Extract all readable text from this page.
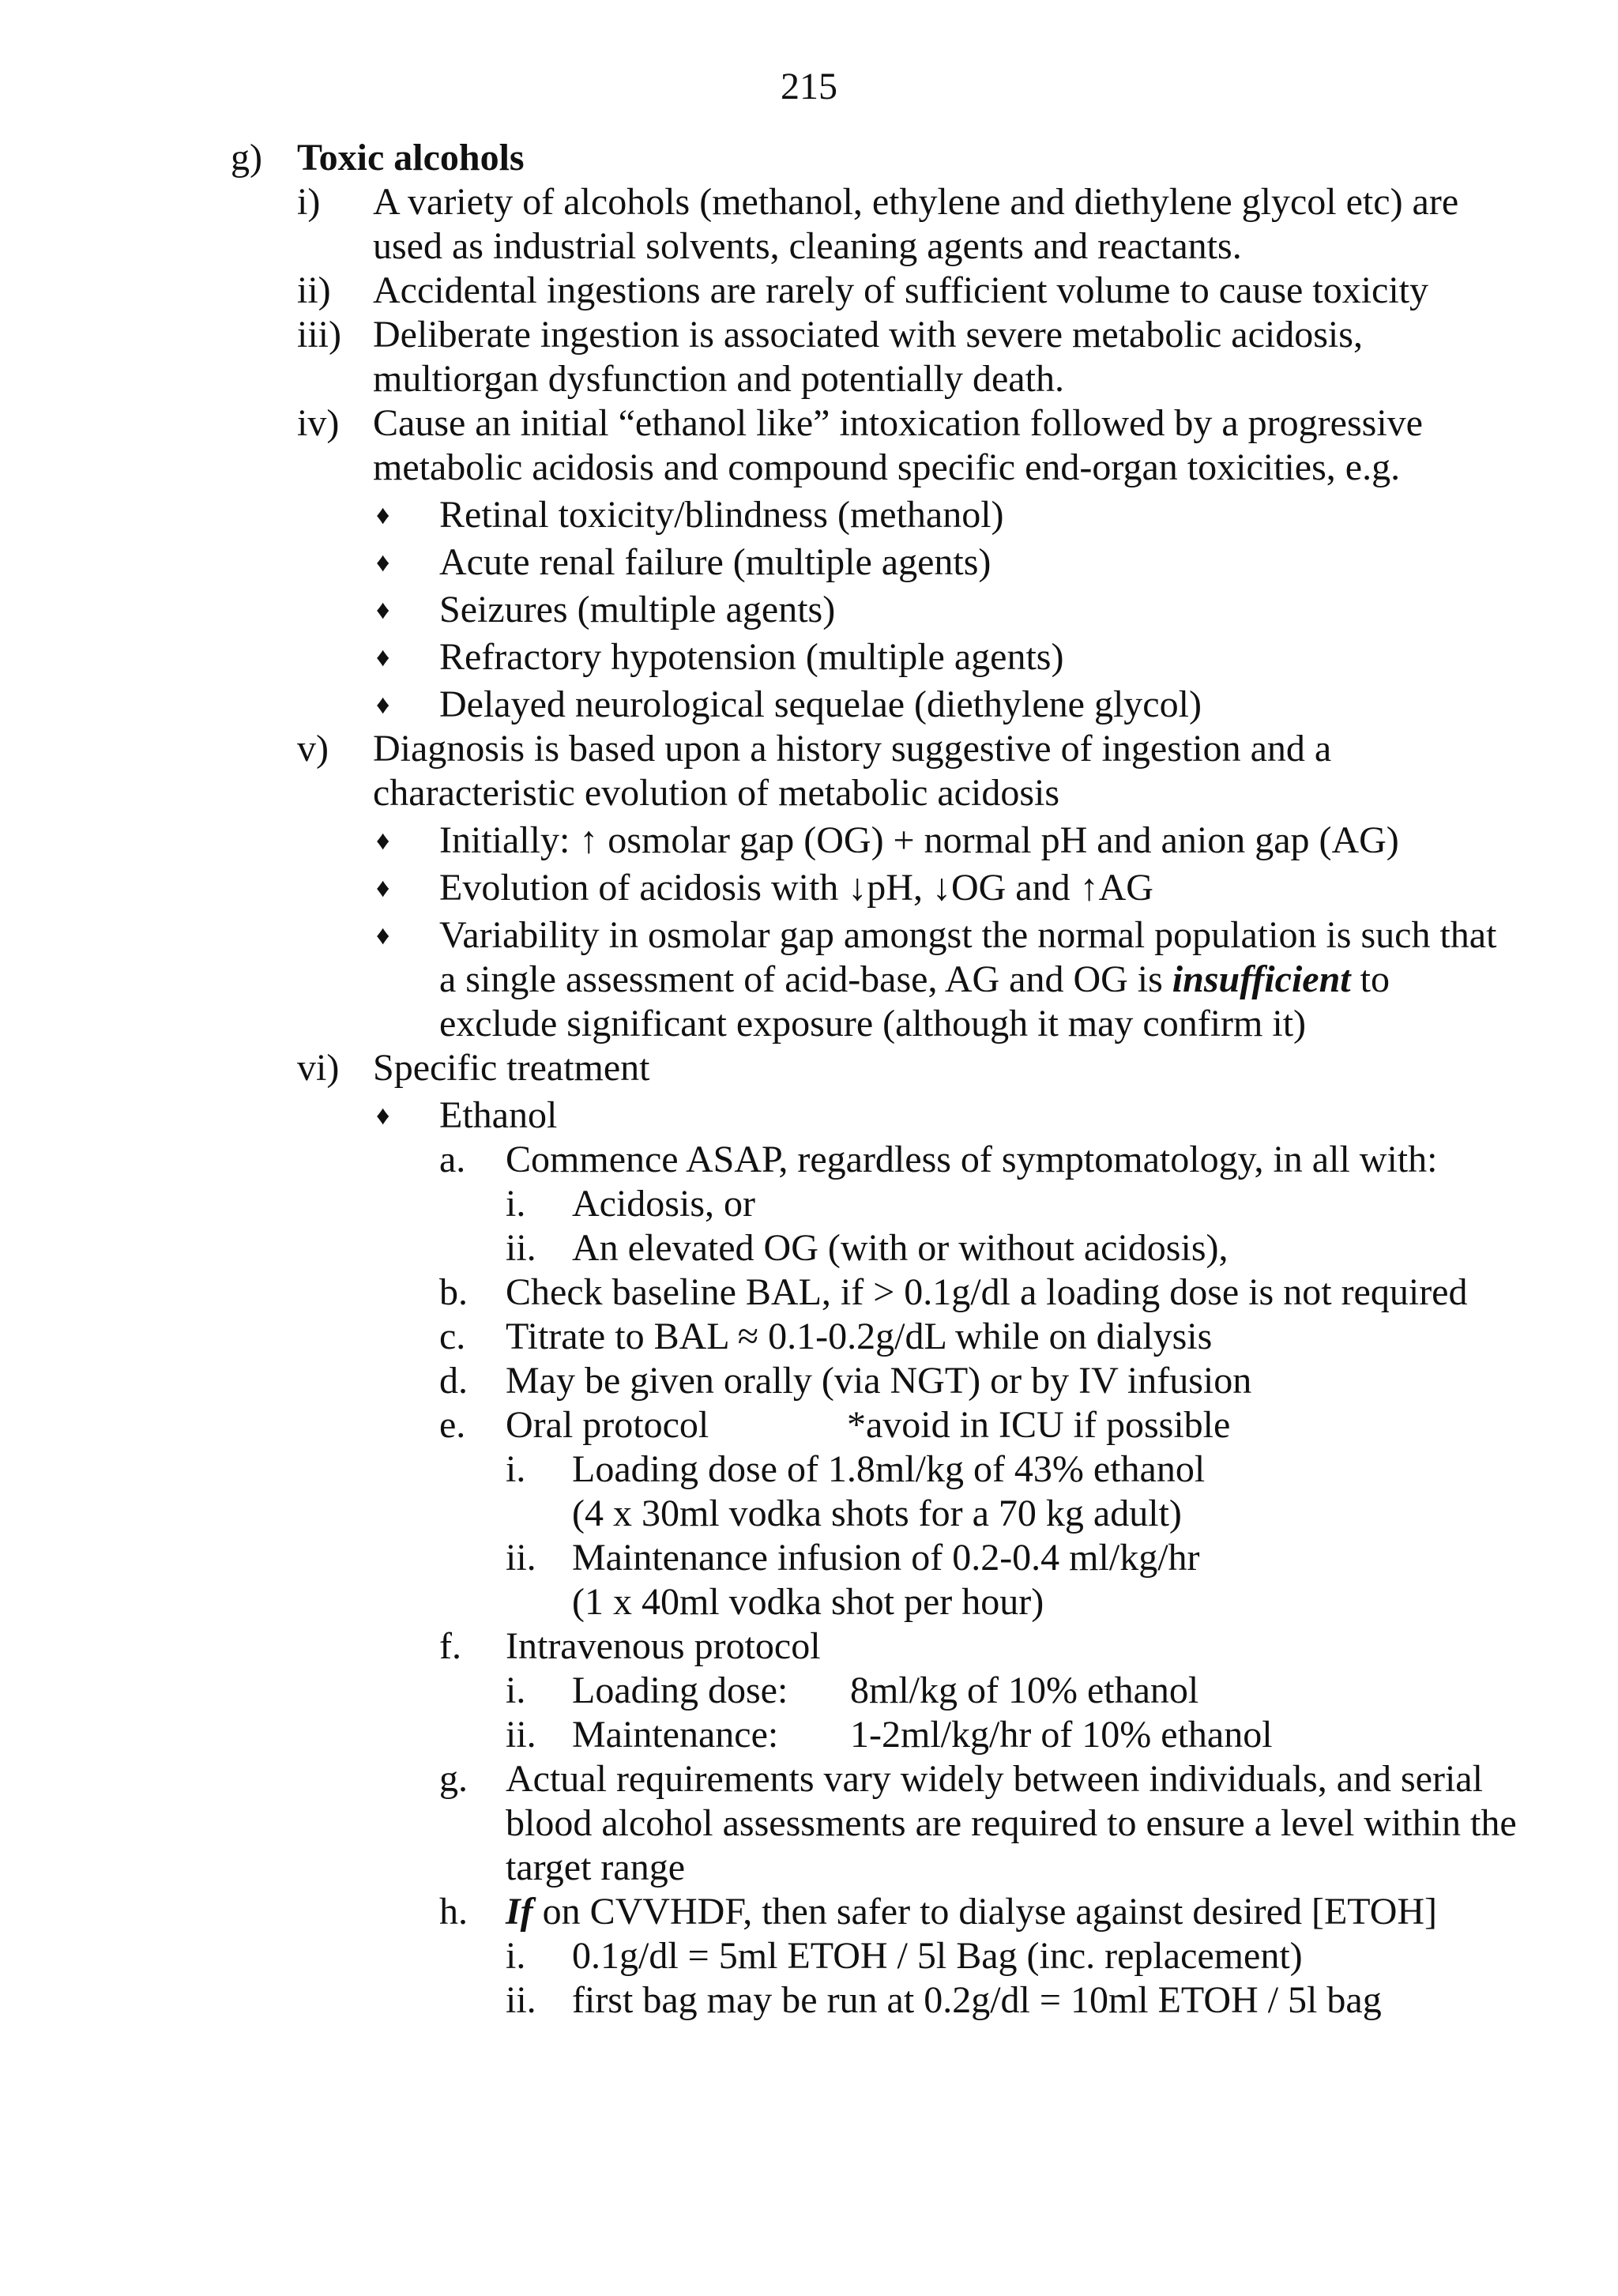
215
g) Toxic alcohols
i) A variety of alcohols (methanol, ethylene and diethylene glycol etc) are
used as industrial solvents, cleaning agents and reactants.
ii) Accidental ingestions are rarely of sufficient volume to cause toxicity
iii) Deliberate ingestion is associated with severe metabolic acidosis,
multiorgan dysfunction and potentially death.
iv) Cause an initial “ethanol like” intoxication followed by a progressive
metabolic acidosis and compound specific end-organ toxicities, e.g.
♦ Retinal toxicity/blindness (methanol)
♦ Acute renal failure (multiple agents)
♦ Seizures (multiple agents)
♦ Refractory hypotension (multiple agents)
♦ Delayed neurological sequelae (diethylene glycol)
v) Diagnosis is based upon a history suggestive of ingestion and a
characteristic evolution of metabolic acidosis
♦ Initially: ↑ osmolar gap (OG) + normal pH and anion gap (AG)
♦ Evolution of acidosis with ↓pH, ↓OG and ↑AG
♦ Variability in osmolar gap amongst the normal population is such that
a single assessment of acid-base, AG and OG is insufficient to
exclude significant exposure (although it may confirm it)
vi) Specific treatment
♦ Ethanol
a. Commence ASAP, regardless of symptomatology, in all with:
i. Acidosis, or
ii. An elevated OG (with or without acidosis),
b. Check baseline BAL, if > 0.1g/dl a loading dose is not required
c. Titrate to BAL ≈ 0.1-0.2g/dL while on dialysis
d. May be given orally (via NGT) or by IV infusion
e. Oral protocol	*avoid in ICU if possible
i. Loading dose of 1.8ml/kg of 43% ethanol
(4 x 30ml vodka shots for a 70 kg adult)
ii. Maintenance infusion of 0.2-0.4 ml/kg/hr
(1 x 40ml vodka shot per hour)
f. Intravenous protocol
i. Loading dose: 8ml/kg of 10% ethanol
ii. Maintenance: 1-2ml/kg/hr of 10% ethanol
g. Actual requirements vary widely between individuals, and serial
blood alcohol assessments are required to ensure a level within the
target range
h. If on CVVHDF, then safer to dialyse against desired [ETOH]
i. 0.1g/dl = 5ml ETOH / 5l Bag (inc. replacement)
ii. first bag may be run at 0.2g/dl = 10ml ETOH / 5l bag
